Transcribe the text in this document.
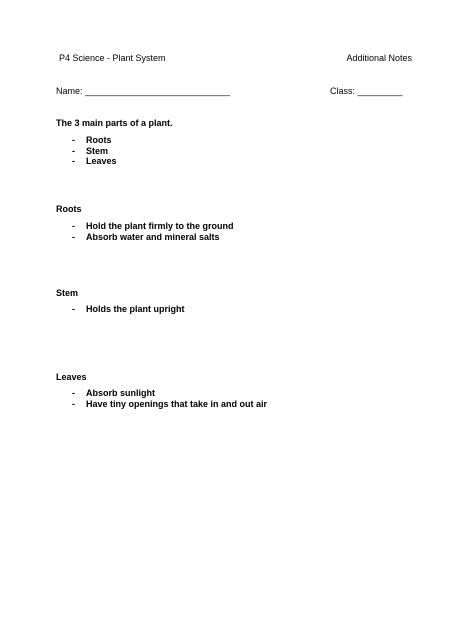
P4 Science - Plant System	Additional Notes
Name: _____________________________	Class: _________
The 3 main parts of a plant.
- Roots
- Stem
- Leaves
Roots
- Hold the plant firmly to the ground
- Absorb water and mineral salts
Stem
- Holds the plant upright
Leaves
- Absorb sunlight
- Have tiny openings that take in and out air
